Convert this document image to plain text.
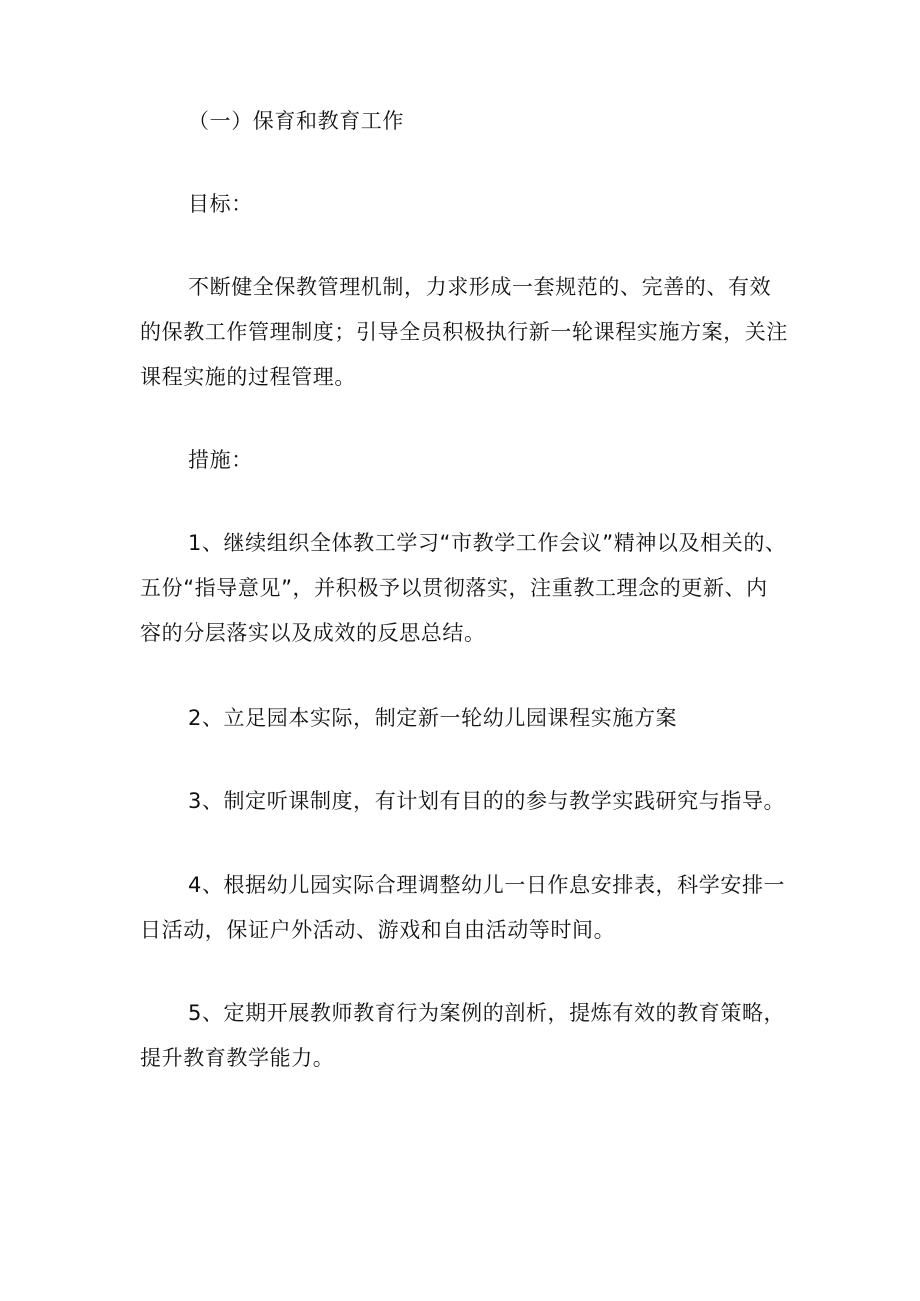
（一）保育和教育工作
目标：
不断健全保教管理机制，力求形成一套规范的、完善的、有效
的保教工作管理制度；引导全员积极执行新一轮课程实施方案，关注
课程实施的过程管理。
措施：
1、继续组织全体教工学习“市教学工作会议”精神以及相关的、
五份“指导意见”，并积极予以贯彻落实，注重教工理念的更新、内
容的分层落实以及成效的反思总结。
2、立足园本实际，制定新一轮幼儿园课程实施方案
3、制定听课制度，有计划有目的的参与教学实践研究与指导。
4、根据幼儿园实际合理调整幼儿一日作息安排表，科学安排一
日活动，保证户外活动、游戏和自由活动等时间。
5、定期开展教师教育行为案例的剖析，提炼有效的教育策略，
提升教育教学能力。
